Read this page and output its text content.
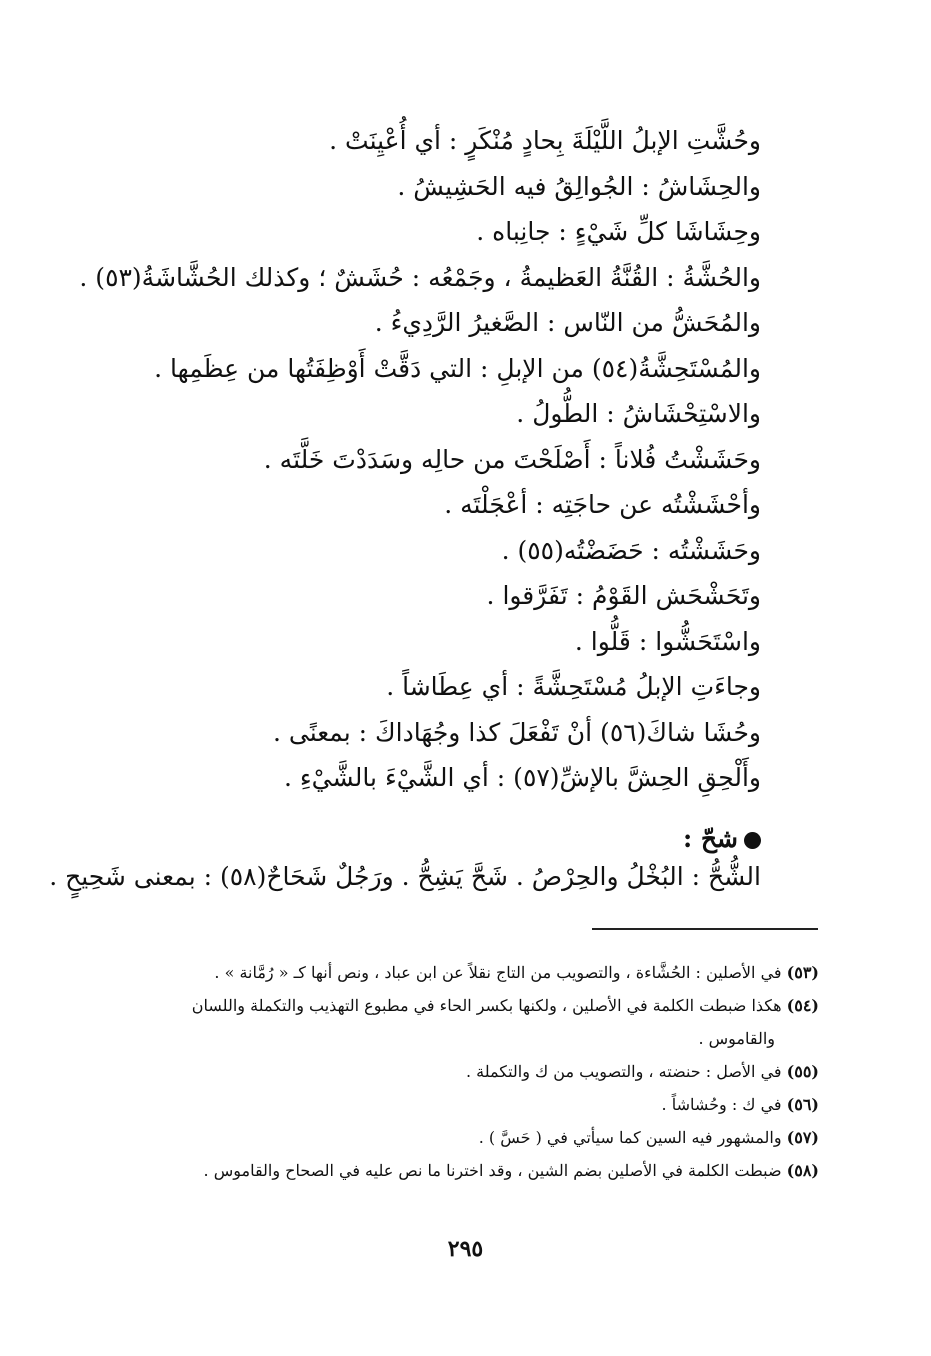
وحُشَّتِ الإبلُ اللَّيْلَةَ بِحادٍ مُنْكَرٍ : أي أُعْيِنَتْ .
والحِشَاشُ : الجُوالِقُ فيه الحَشِيشُ .
وحِشَاشَا كلِّ شَيْءٍ : جانِباه .
والحُشَّةُ : القُنَّةُ العَظيمةُ ، وجَمْعُه : حُشَشٌ ؛ وكذلك الحُشَّاشَةُ(٥٣) .
والمُحَشُّ من النّاس : الصَّغيرُ الرَّدِيءُ .
والمُسْتَحِشَّةُ(٥٤) من الإبلِ : التي دَقَّتْ أَوْظِفَتُها من عِظَمِها .
والاسْتِحْشَاشُ : الطُّولُ .
وحَشَشْتُ فُلاناً : أَصْلَحْتَ من حالِه وسَدَدْتَ خَلَّتَه .
وأحْشَشْتُه عن حاجَتِه : أعْجَلْتَه .
وحَشَشْتُه : حَضَضْتُه(٥٥) .
وتَحَشْحَش القَوْمُ : تَفَرَّقوا .
واسْتَحَشُّوا : قَلُّوا .
وجاءَتِ الإبلُ مُسْتَحِشَّةً : أي عِطَاشاً .
وحُشَا شاكَ(٥٦) أنْ تَفْعَلَ كذا وجُهَاداكَ : بمعنًى .
وأَلْحِقِ الحِشَّ بالإشِّ(٥٧) : أي الشَّيْءَ بالشَّيْءِ .
شحّ :
الشُّحُّ : البُخْلُ والحِرْصُ . شَحَّ يَشِحُّ . ورَجُلٌ شَحَاحٌ(٥٨) : بمعنى شَحِيحٍ .
(٥٣) في الأصلين : الحُشَّاءة ، والتصويب من التاج نقلاً عن ابن عباد ، ونص أنها كـ « رُمَّانة » .
(٥٤) هكذا ضبطت الكلمة في الأصلين ، ولكنها بكسر الحاء في مطبوع التهذيب والتكملة واللسان
والقاموس .
(٥٥) في الأصل : حنضته ، والتصويب من ك والتكملة .
(٥٦) في ك : وحُشاشاً .
(٥٧) والمشهور فيه السين كما سيأتي في ( حَسَّ ) .
(٥٨) ضبطت الكلمة في الأصلين بضم الشين ، وقد اخترنا ما نص عليه في الصحاح والقاموس .
٢٩٥
